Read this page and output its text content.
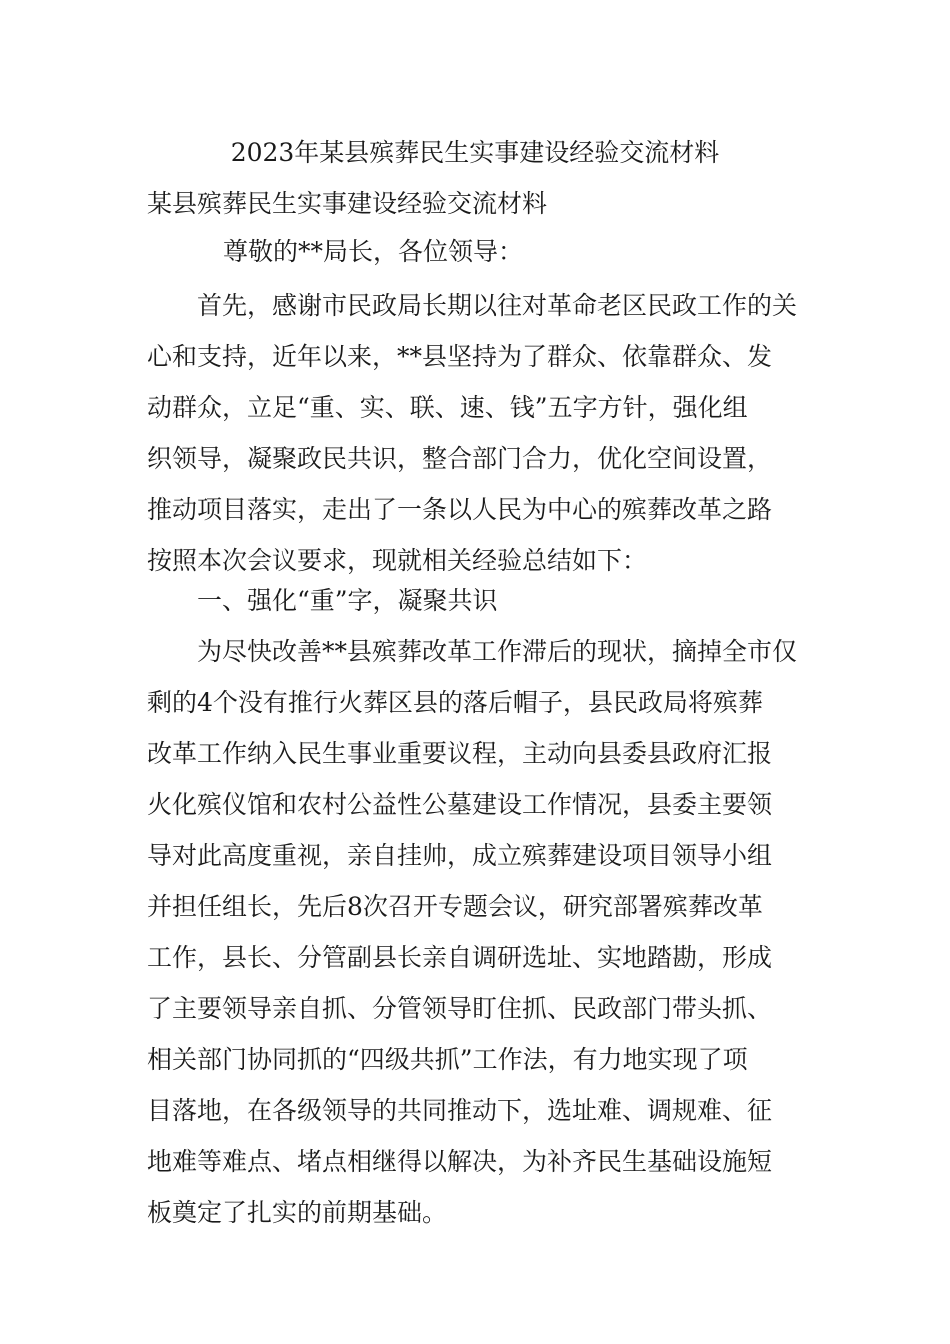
2023年某县殡葬民生实事建设经验交流材料
某县殡葬民生实事建设经验交流材料

尊敬的**局长，各位领导：

首先，感谢市民政局长期以往对革命老区民政工作的关
心和支持，近年以来，**县坚持为了群众、依靠群众、发
动群众，立足“重、实、联、速、钱”五字方针，强化组
织领导，凝聚政民共识，整合部门合力，优化空间设置，
推动项目落实，走出了一条以人民为中心的殡葬改革之路
按照本次会议要求，现就相关经验总结如下：

一、强化“重”字，凝聚共识

为尽快改善**县殡葬改革工作滞后的现状，摘掉全市仅
剩的4个没有推行火葬区县的落后帽子，县民政局将殡葬
改革工作纳入民生事业重要议程，主动向县委县政府汇报
火化殡仪馆和农村公益性公墓建设工作情况，县委主要领
导对此高度重视，亲自挂帅，成立殡葬建设项目领导小组
并担任组长，先后8次召开专题会议，研究部署殡葬改革
工作，县长、分管副县长亲自调研选址、实地踏勘，形成
了主要领导亲自抓、分管领导盯住抓、民政部门带头抓、
相关部门协同抓的“四级共抓”工作法，有力地实现了项
目落地，在各级领导的共同推动下，选址难、调规难、征
地难等难点、堵点相继得以解决，为补齐民生基础设施短
板奠定了扎实的前期基础。
